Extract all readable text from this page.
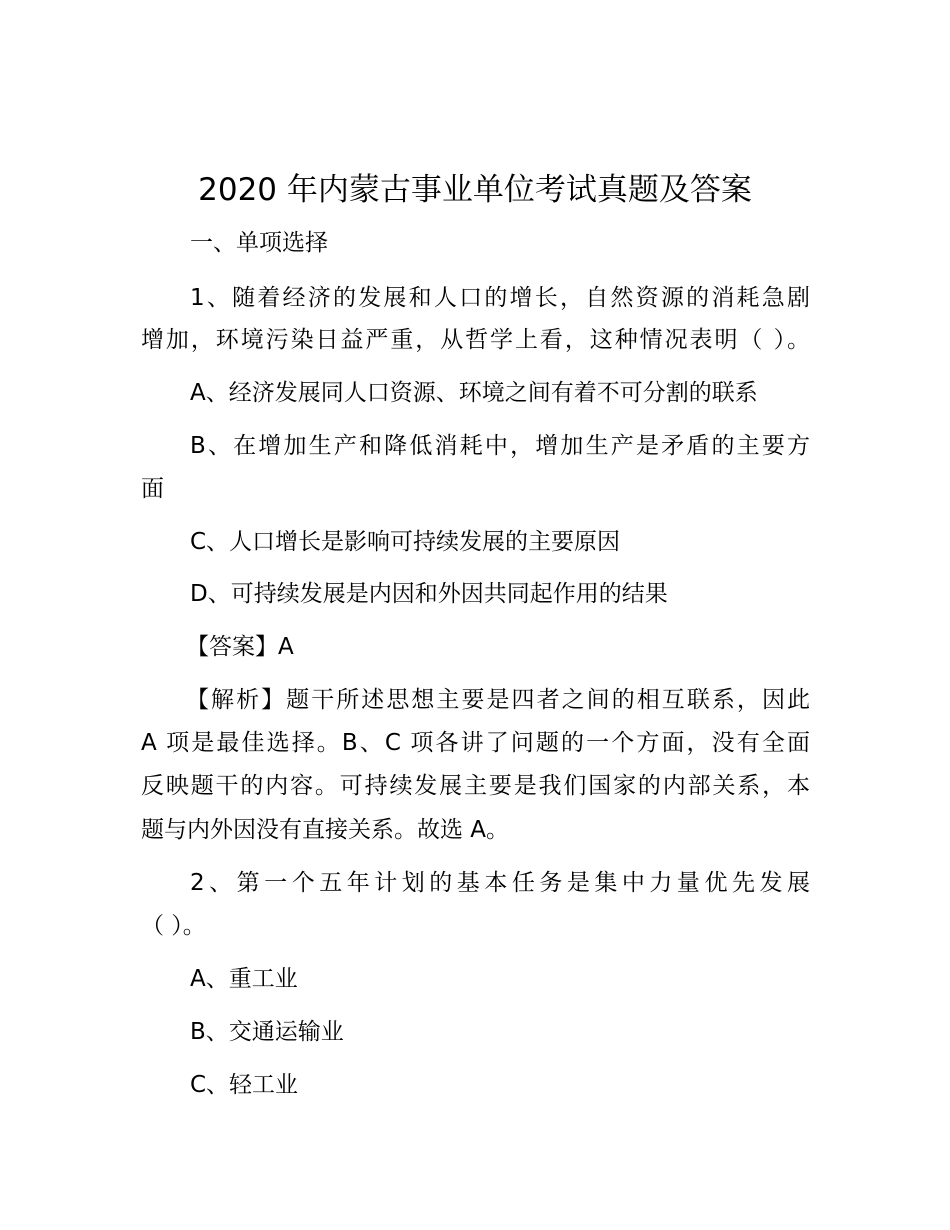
2020 年内蒙古事业单位考试真题及答案

一、单项选择

1、随着经济的发展和人口的增长，自然资源的消耗急剧

增加，环境污染日益严重，从哲学上看，这种情况表明（ ）。

A、经济发展同人口资源、环境之间有着不可分割的联系

B、在增加生产和降低消耗中，增加生产是矛盾的主要方

面

C、人口增长是影响可持续发展的主要原因

D、可持续发展是内因和外因共同起作用的结果

【答案】A

【解析】题干所述思想主要是四者之间的相互联系，因此

A 项是最佳选择。B、C 项各讲了问题的一个方面，没有全面

反映题干的内容。可持续发展主要是我们国家的内部关系，本

题与内外因没有直接关系。故选 A。

2、第一个五年计划的基本任务是集中力量优先发展

（ ）。

A、重工业

B、交通运输业

C、轻工业
